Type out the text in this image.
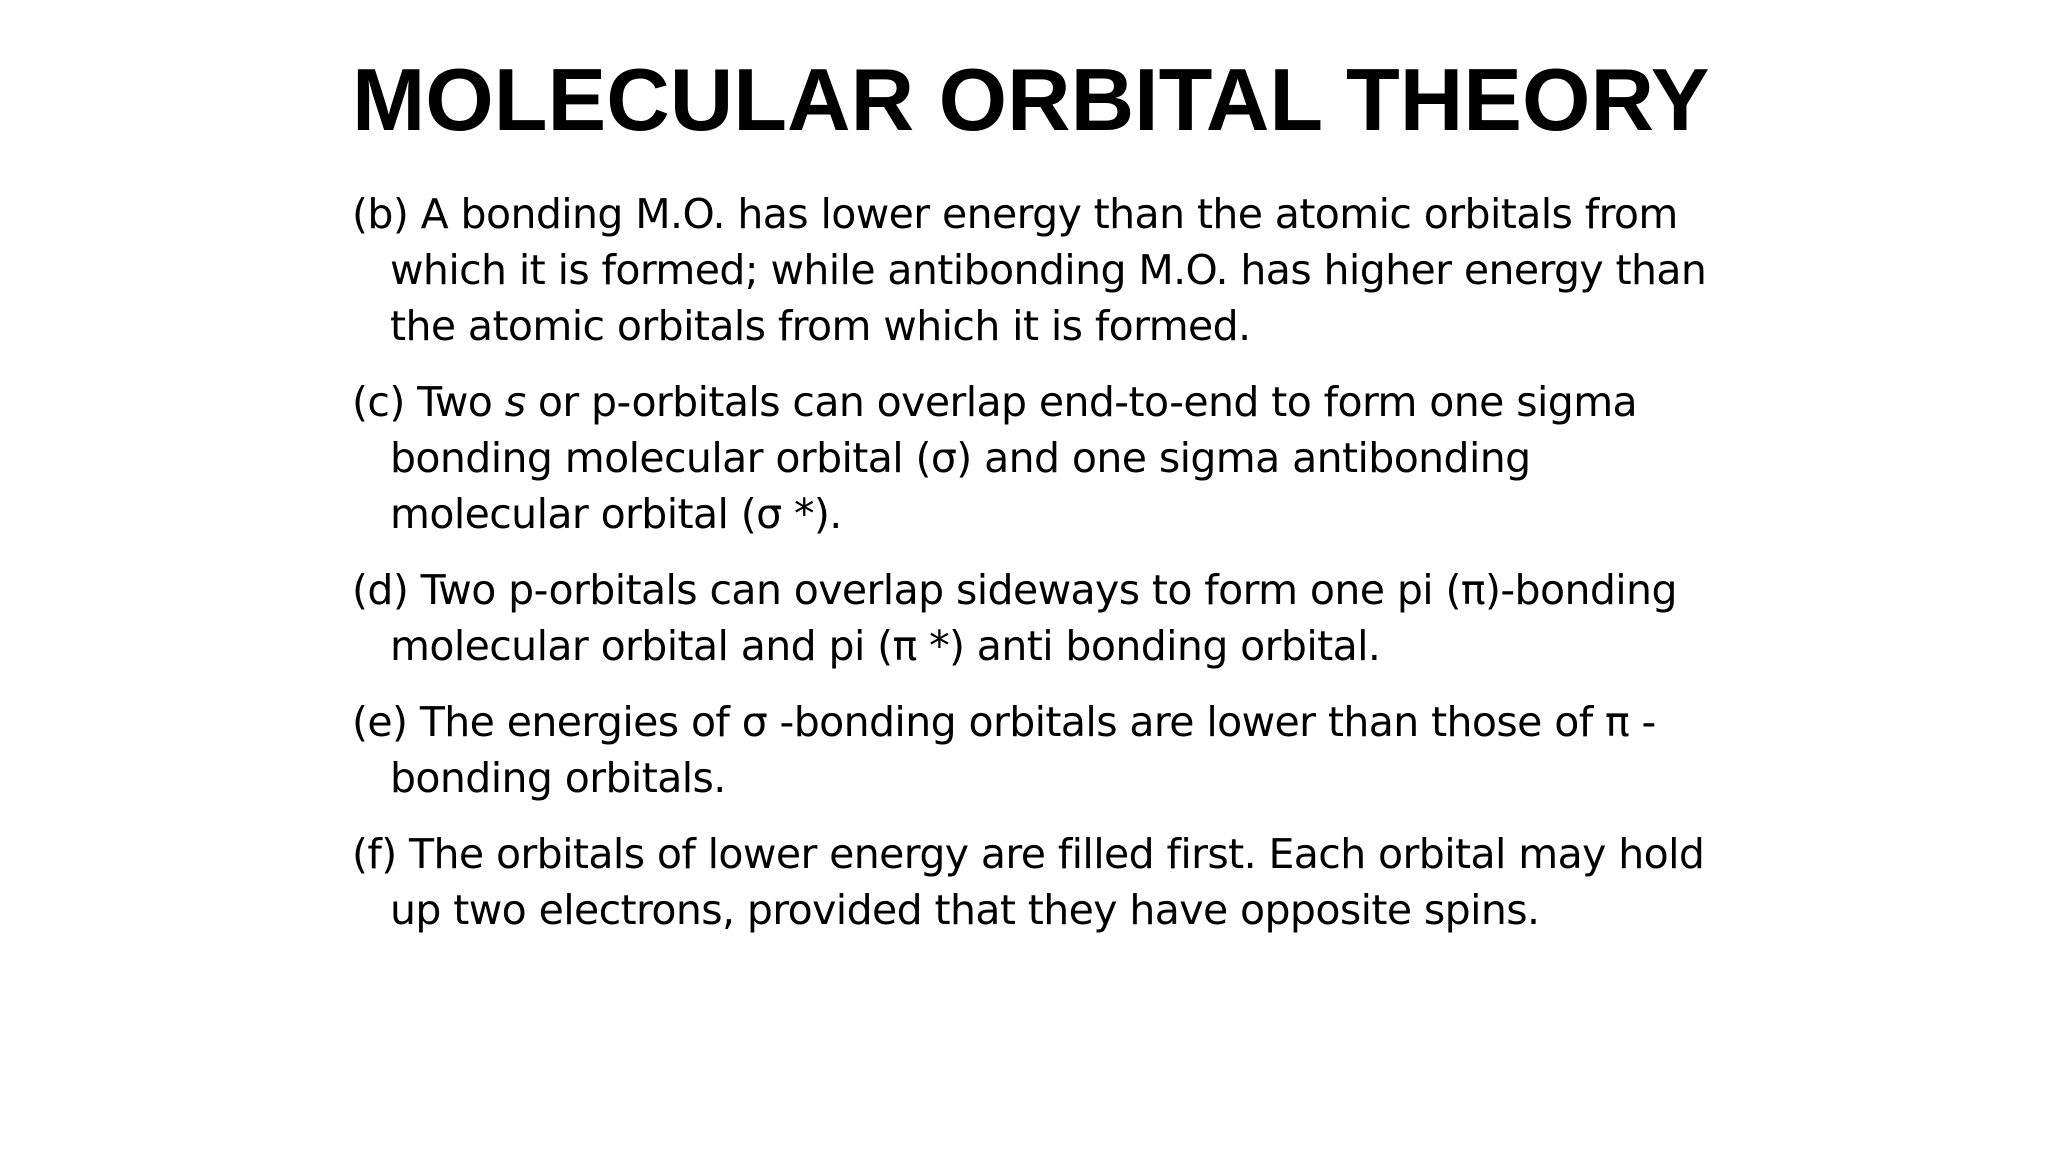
MOLECULAR ORBITAL THEORY

(b) A bonding M.O. has lower energy than the atomic orbitals from which it is formed; while antibonding M.O. has higher energy than the atomic orbitals from which it is formed.

(c) Two s or p-orbitals can overlap end-to-end to form one sigma bonding molecular orbital (σ) and one sigma antibonding molecular orbital (σ *).

(d) Two p-orbitals can overlap sideways to form one pi (π)-bonding molecular orbital and pi (π *) anti bonding orbital.

(e) The energies of σ -bonding orbitals are lower than those of π -bonding orbitals.

(f) The orbitals of lower energy are filled first. Each orbital may hold up two electrons, provided that they have opposite spins.
